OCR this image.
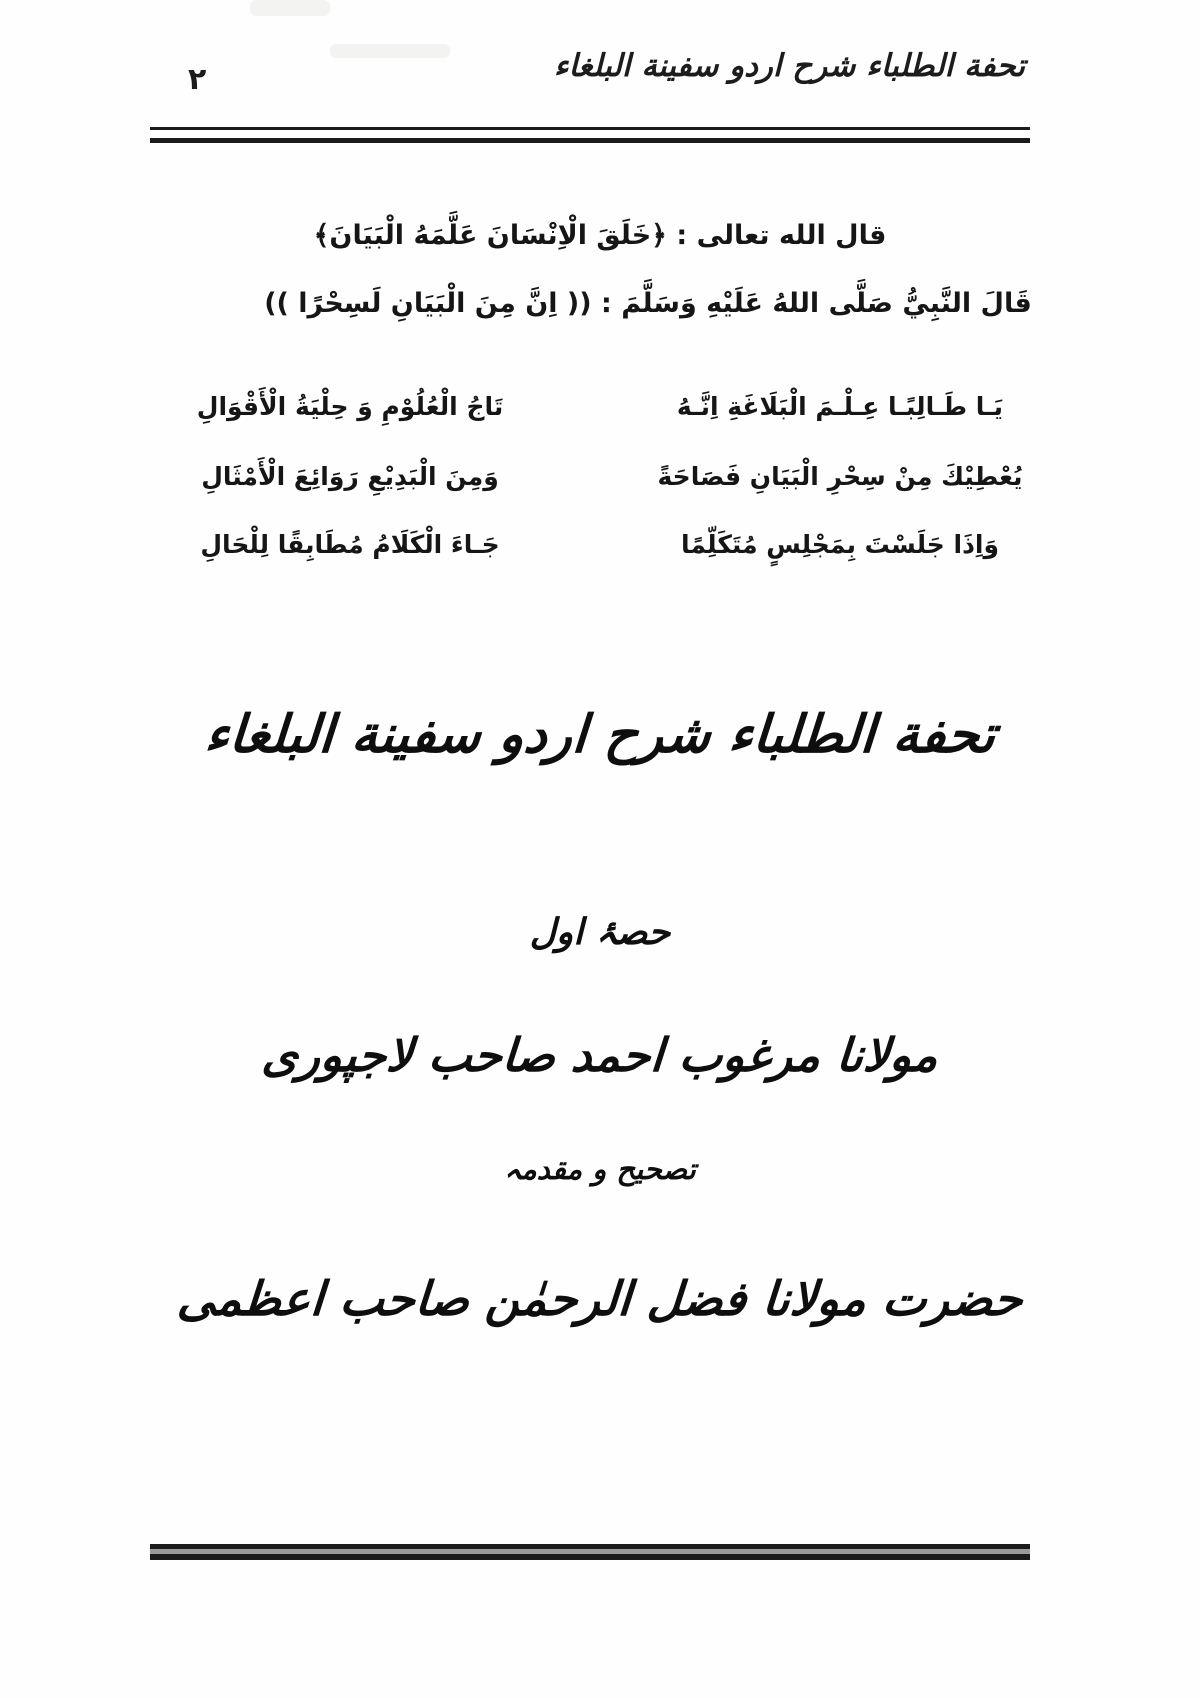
تحفة الطلباء شرح اردو سفينة البلغاء
٢
قال الله تعالى : ﴿خَلَقَ الْاِنْسَانَ عَلَّمَهُ الْبَيَانَ﴾
قَالَ النَّبِيُّ صَلَّى اللهُ عَلَيْهِ وَسَلَّمَ : (( اِنَّ مِنَ الْبَيَانِ لَسِحْرًا ))
يَـا طَـالِبًـا عِـلْـمَ الْبَلَاغَةِ اِنَّـهُ
تَاجُ الْعُلُوْمِ وَ حِلْيَةُ الْأَقْوَالِ
يُعْطِيْكَ مِنْ سِحْرِ الْبَيَانِ فَصَاحَةً
وَمِنَ الْبَدِيْعِ رَوَائِعَ الْأَمْثَالِ
وَاِذَا جَلَسْتَ بِمَجْلِسٍ مُتَكَلِّمًا
جَـاءَ الْكَلَامُ مُطَابِقًا لِلْحَالِ
تحفة الطلباء شرح اردو سفينة البلغاء
حصۂ اول
مولانا مرغوب احمد صاحب لاجپوری
تصحیح و مقدمہ
حضرت مولانا فضل الرحمٰن صاحب اعظمی
